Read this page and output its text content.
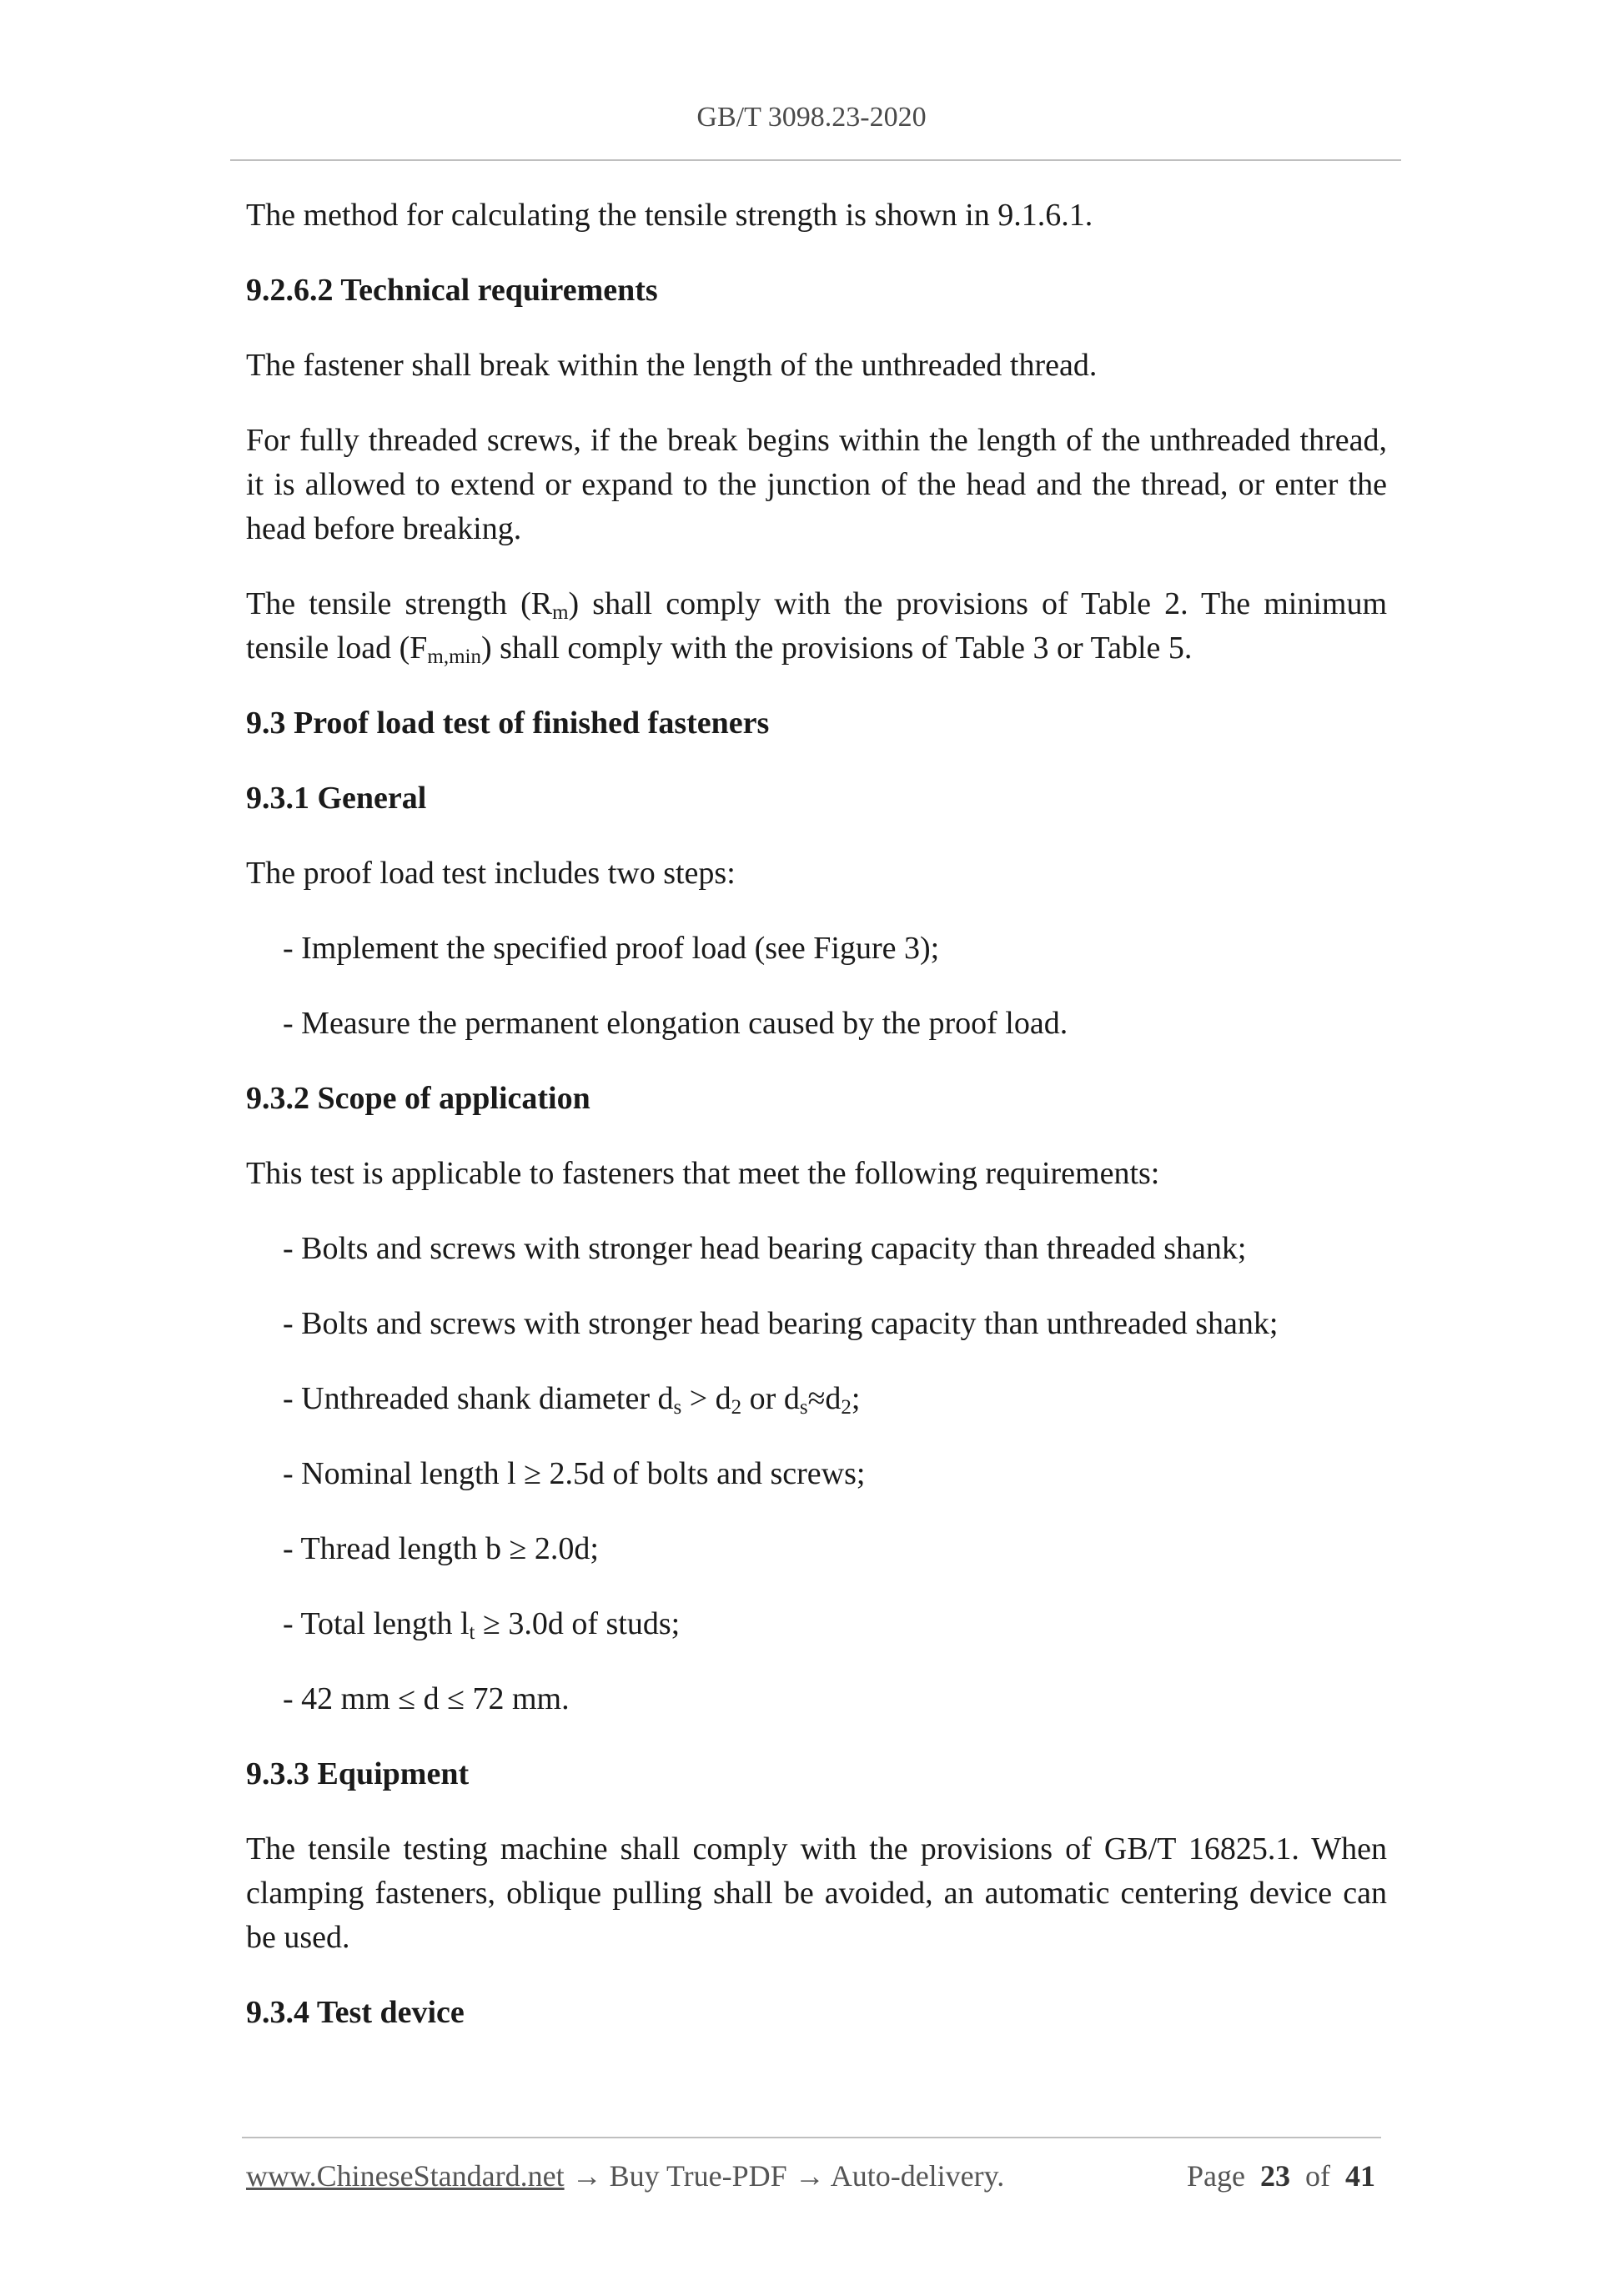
GB/T 3098.23-2020

The method for calculating the tensile strength is shown in 9.1.6.1.

9.2.6.2 Technical requirements

The fastener shall break within the length of the unthreaded thread.

For fully threaded screws, if the break begins within the length of the unthreaded thread, it is allowed to extend or expand to the junction of the head and the thread, or enter the head before breaking.

The tensile strength $(R_m)$ shall comply with the provisions of Table 2. The minimum tensile load $(F_{m,min})$ shall comply with the provisions of Table 3 or Table 5.

9.3 Proof load test of finished fasteners

9.3.1 General

The proof load test includes two steps:

- Implement the specified proof load (see Figure 3);

- Measure the permanent elongation caused by the proof load.

9.3.2 Scope of application

This test is applicable to fasteners that meet the following requirements:

- Bolts and screws with stronger head bearing capacity than threaded shank;

- Bolts and screws with stronger head bearing capacity than unthreaded shank;

- Unthreaded shank diameter $d_s > d_2$ or $d_s\approx d_2$;

- Nominal length l ≥ 2.5d of bolts and screws;

- Thread length b ≥ 2.0d;

- Total length $l_t \ge 3.0d$ of studs;

- 42 mm ≤ d ≤ 72 mm.

9.3.3 Equipment

The tensile testing machine shall comply with the provisions of GB/T 16825.1. When clamping fasteners, oblique pulling shall be avoided, an automatic centering device can be used.

9.3.4 Test device

www.ChineseStandard.net → Buy True-PDF → Auto-delivery.	Page 23 of 41
